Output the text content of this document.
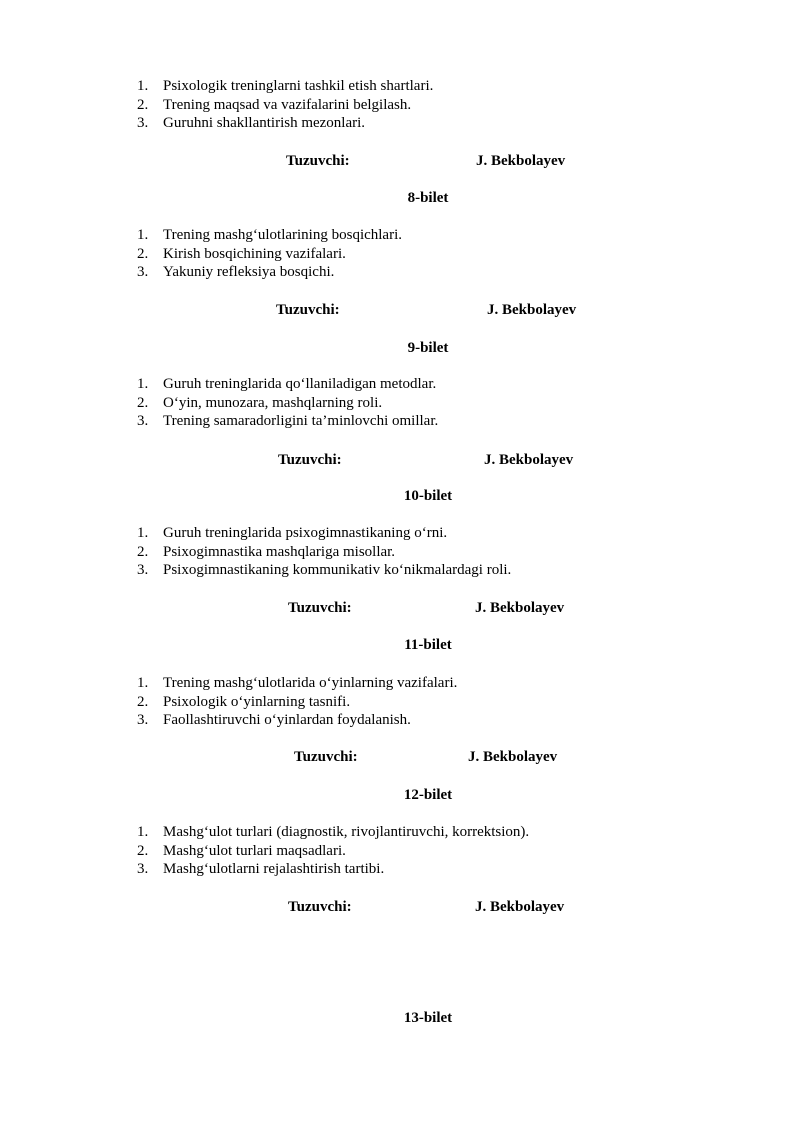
1. Psixologik treninglarni tashkil etish shartlari.
2. Trening maqsad va vazifalarini belgilash.
3. Guruhni shakllantirish mezonlari.
Tuzuvchi:	J. Bekbolayev
8-bilet
1. Trening mashg‘ulotlarining bosqichlari.
2. Kirish bosqichining vazifalari.
3. Yakuniy refleksiya bosqichi.
Tuzuvchi:	J. Bekbolayev
9-bilet
1. Guruh treninglarida qo‘llaniladigan metodlar.
2. O‘yin, munozara, mashqlarning roli.
3. Trening samaradorligini ta’minlovchi omillar.
Tuzuvchi:	J. Bekbolayev
10-bilet
1. Guruh treninglarida psixogimnastikaning o‘rni.
2. Psixogimnastika mashqlariga misollar.
3. Psixogimnastikaning kommunikativ ko‘nikmalardagi roli.
Tuzuvchi:	J. Bekbolayev
11-bilet
1. Trening mashg‘ulotlarida o‘yinlarning vazifalari.
2. Psixologik o‘yinlarning tasnifi.
3. Faollashtiruvchi o‘yinlardan foydalanish.
Tuzuvchi:	J. Bekbolayev
12-bilet
1. Mashg‘ulot turlari (diagnostik, rivojlantiruvchi, korrektsion).
2. Mashg‘ulot turlari maqsadlari.
3. Mashg‘ulotlarni rejalashtirish tartibi.
Tuzuvchi:	J. Bekbolayev
13-bilet
